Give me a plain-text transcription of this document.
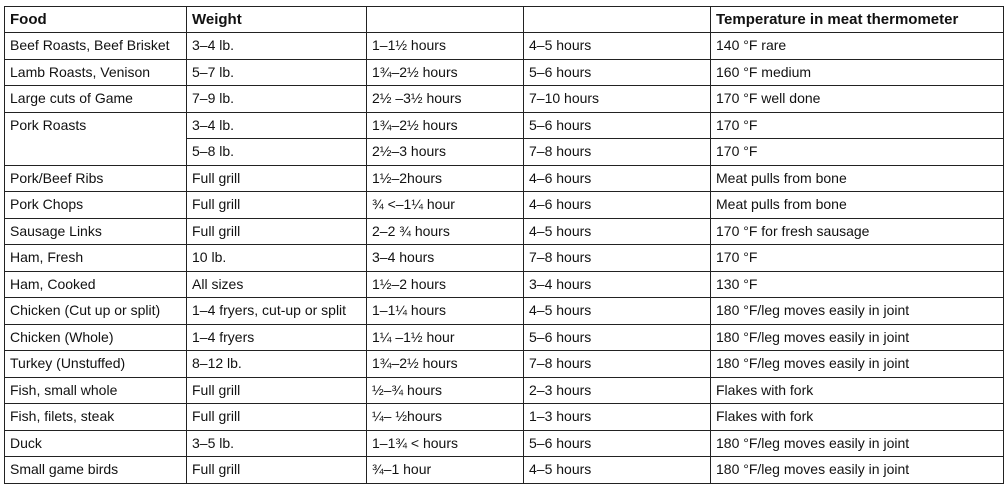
Food	Weight			Temperature in meat thermometer
Beef Roasts, Beef Brisket	3–4 lb.	1–1½ hours	4–5 hours	140 °F rare
Lamb Roasts, Venison	5–7 lb.	1¾–2½ hours	5–6 hours	160 °F medium
Large cuts of Game	7–9 lb.	2½ –3½ hours	7–10 hours	170 °F well done
Pork Roasts	3–4 lb.	1¾–2½ hours	5–6 hours	170 °F
	5–8 lb.	2½–3 hours	7–8 hours	170 °F
Pork/Beef Ribs	Full grill	1½–2hours	4–6 hours	Meat pulls from bone
Pork Chops	Full grill	¾ <–1¼ hour	4–6 hours	Meat pulls from bone
Sausage Links	Full grill	2–2 ¾ hours	4–5 hours	170 °F for fresh sausage
Ham, Fresh	10 lb.	3–4 hours	7–8 hours	170 °F
Ham, Cooked	All sizes	1½–2 hours	3–4 hours	130 °F
Chicken (Cut up or split)	1–4 fryers, cut-up or split	1–1¼ hours	4–5 hours	180 °F/leg moves easily in joint
Chicken (Whole)	1–4 fryers	1¼ –1½ hour	5–6 hours	180 °F/leg moves easily in joint
Turkey (Unstuffed)	8–12 lb.	1¾–2½ hours	7–8 hours	180 °F/leg moves easily in joint
Fish, small whole	Full grill	½–¾ hours	2–3 hours	Flakes with fork
Fish, filets, steak	Full grill	¼– ½hours	1–3 hours	Flakes with fork
Duck	3–5 lb.	1–1¾ < hours	5–6 hours	180 °F/leg moves easily in joint
Small game birds	Full grill	¾–1 hour	4–5 hours	180 °F/leg moves easily in joint
